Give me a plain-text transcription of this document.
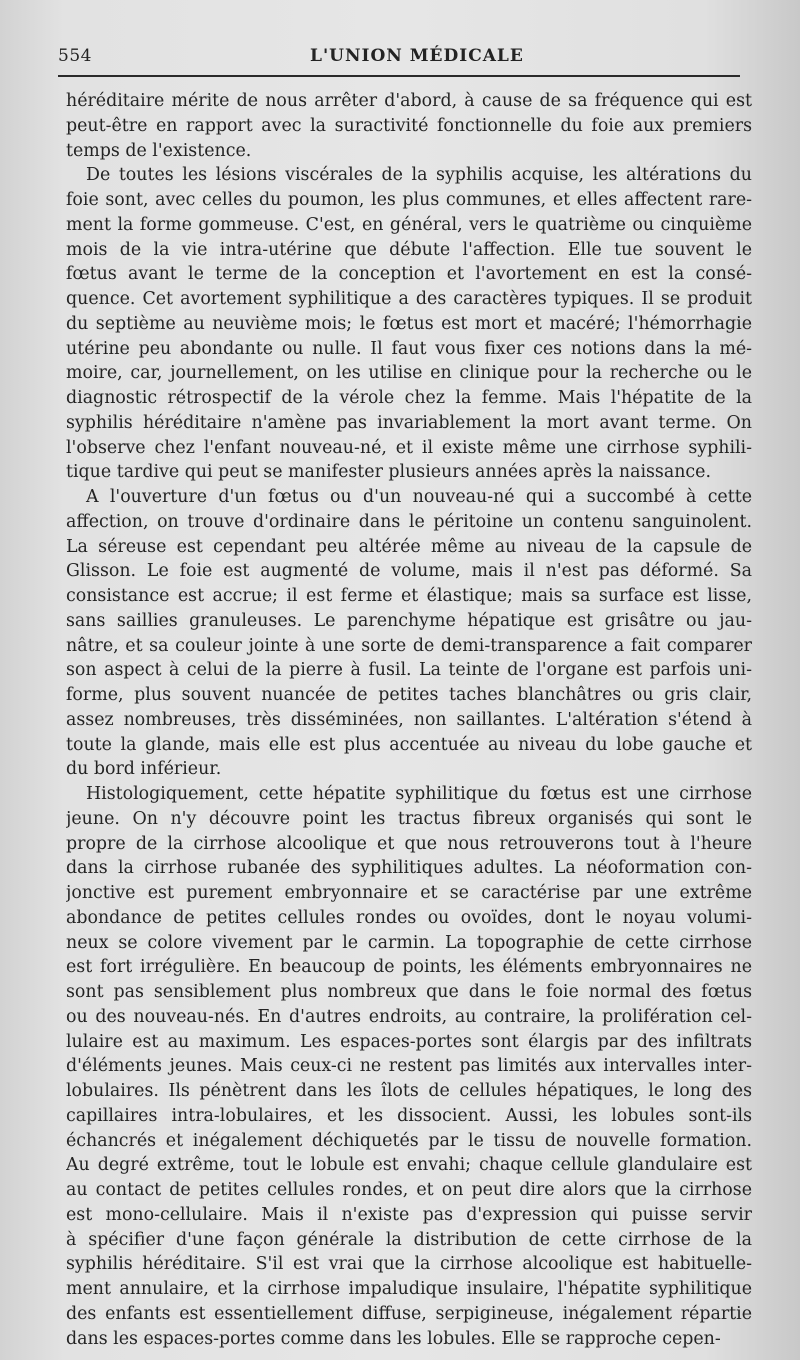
554	L'UNION MÉDICALE
héréditaire mérite de nous arrêter d'abord, à cause de sa fréquence qui est
peut-être en rapport avec la suractivité fonctionnelle du foie aux premiers
temps de l'existence.
De toutes les lésions viscérales de la syphilis acquise, les altérations du
foie sont, avec celles du poumon, les plus communes, et elles affectent rare-
ment la forme gommeuse. C'est, en général, vers le quatrième ou cinquième
mois de la vie intra-utérine que débute l'affection. Elle tue souvent le
fœtus avant le terme de la conception et l'avortement en est la consé-
quence. Cet avortement syphilitique a des caractères typiques. Il se produit
du septième au neuvième mois; le fœtus est mort et macéré; l'hémorrhagie
utérine peu abondante ou nulle. Il faut vous fixer ces notions dans la mé-
moire, car, journellement, on les utilise en clinique pour la recherche ou le
diagnostic rétrospectif de la vérole chez la femme. Mais l'hépatite de la
syphilis héréditaire n'amène pas invariablement la mort avant terme. On
l'observe chez l'enfant nouveau-né, et il existe même une cirrhose syphili-
tique tardive qui peut se manifester plusieurs années après la naissance.
A l'ouverture d'un fœtus ou d'un nouveau-né qui a succombé à cette
affection, on trouve d'ordinaire dans le péritoine un contenu sanguinolent.
La séreuse est cependant peu altérée même au niveau de la capsule de
Glisson. Le foie est augmenté de volume, mais il n'est pas déformé. Sa
consistance est accrue; il est ferme et élastique; mais sa surface est lisse,
sans saillies granuleuses. Le parenchyme hépatique est grisâtre ou jau-
nâtre, et sa couleur jointe à une sorte de demi-transparence a fait comparer
son aspect à celui de la pierre à fusil. La teinte de l'organe est parfois uni-
forme, plus souvent nuancée de petites taches blanchâtres ou gris clair,
assez nombreuses, très disséminées, non saillantes. L'altération s'étend à
toute la glande, mais elle est plus accentuée au niveau du lobe gauche et
du bord inférieur.
Histologiquement, cette hépatite syphilitique du fœtus est une cirrhose
jeune. On n'y découvre point les tractus fibreux organisés qui sont le
propre de la cirrhose alcoolique et que nous retrouverons tout à l'heure
dans la cirrhose rubanée des syphilitiques adultes. La néoformation con-
jonctive est purement embryonnaire et se caractérise par une extrême
abondance de petites cellules rondes ou ovoïdes, dont le noyau volumi-
neux se colore vivement par le carmin. La topographie de cette cirrhose
est fort irrégulière. En beaucoup de points, les éléments embryonnaires ne
sont pas sensiblement plus nombreux que dans le foie normal des fœtus
ou des nouveau-nés. En d'autres endroits, au contraire, la prolifération cel-
lulaire est au maximum. Les espaces-portes sont élargis par des infiltrats
d'éléments jeunes. Mais ceux-ci ne restent pas limités aux intervalles inter-
lobulaires. Ils pénètrent dans les îlots de cellules hépatiques, le long des
capillaires intra-lobulaires, et les dissocient. Aussi, les lobules sont-ils
échancrés et inégalement déchiquetés par le tissu de nouvelle formation.
Au degré extrême, tout le lobule est envahi; chaque cellule glandulaire est
au contact de petites cellules rondes, et on peut dire alors que la cirrhose
est mono-cellulaire. Mais il n'existe pas d'expression qui puisse servir
à spécifier d'une façon générale la distribution de cette cirrhose de la
syphilis héréditaire. S'il est vrai que la cirrhose alcoolique est habituelle-
ment annulaire, et la cirrhose impaludique insulaire, l'hépatite syphilitique
des enfants est essentiellement diffuse, serpigineuse, inégalement répartie
dans les espaces-portes comme dans les lobules. Elle se rapproche cepen-
